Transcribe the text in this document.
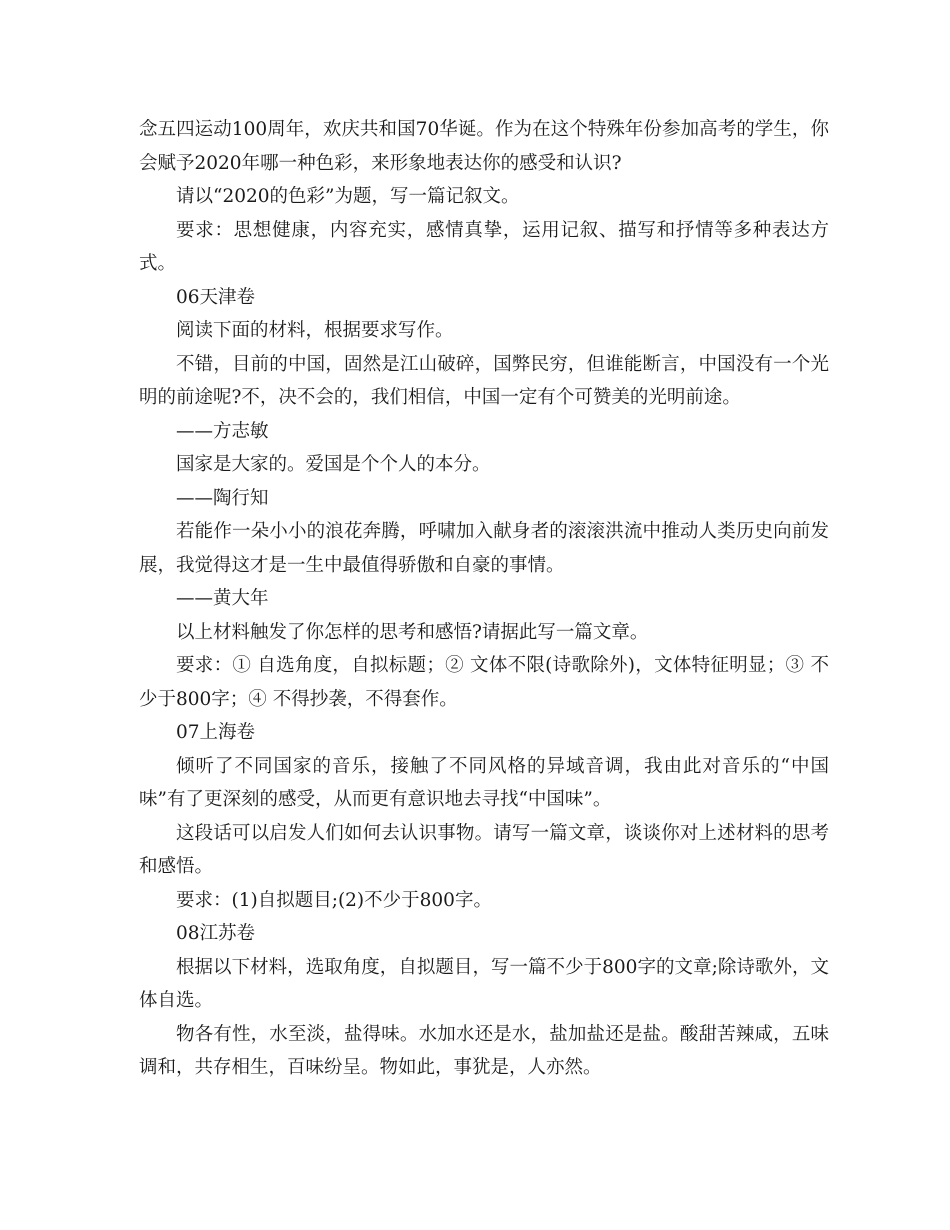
念五四运动100周年，欢庆共和国70华诞。作为在这个特殊年份参加高考的学生，你会赋予2020年哪一种色彩，来形象地表达你的感受和认识?

请以“2020的色彩”为题，写一篇记叙文。

要求：思想健康，内容充实，感情真挚，运用记叙、描写和抒情等多种表达方式。

06天津卷

阅读下面的材料，根据要求写作。

不错，目前的中国，固然是江山破碎，国弊民穷，但谁能断言，中国没有一个光明的前途呢?不，决不会的，我们相信，中国一定有个可赞美的光明前途。

——方志敏

国家是大家的。爱国是个个人的本分。

——陶行知

若能作一朵小小的浪花奔腾，呼啸加入献身者的滚滚洪流中推动人类历史向前发展，我觉得这才是一生中最值得骄傲和自豪的事情。

——黄大年

以上材料触发了你怎样的思考和感悟?请据此写一篇文章。

要求：① 自选角度，自拟标题；② 文体不限(诗歌除外)，文体特征明显；③ 不少于800字；④ 不得抄袭，不得套作。

07上海卷

倾听了不同国家的音乐，接触了不同风格的异域音调，我由此对音乐的“中国味”有了更深刻的感受，从而更有意识地去寻找“中国味”。

这段话可以启发人们如何去认识事物。请写一篇文章，谈谈你对上述材料的思考和感悟。

要求：(1)自拟题目;(2)不少于800字。

08江苏卷

根据以下材料，选取角度，自拟题目，写一篇不少于800字的文章;除诗歌外，文体自选。

物各有性，水至淡，盐得味。水加水还是水，盐加盐还是盐。酸甜苦辣咸，五味调和，共存相生，百味纷呈。物如此，事犹是，人亦然。
